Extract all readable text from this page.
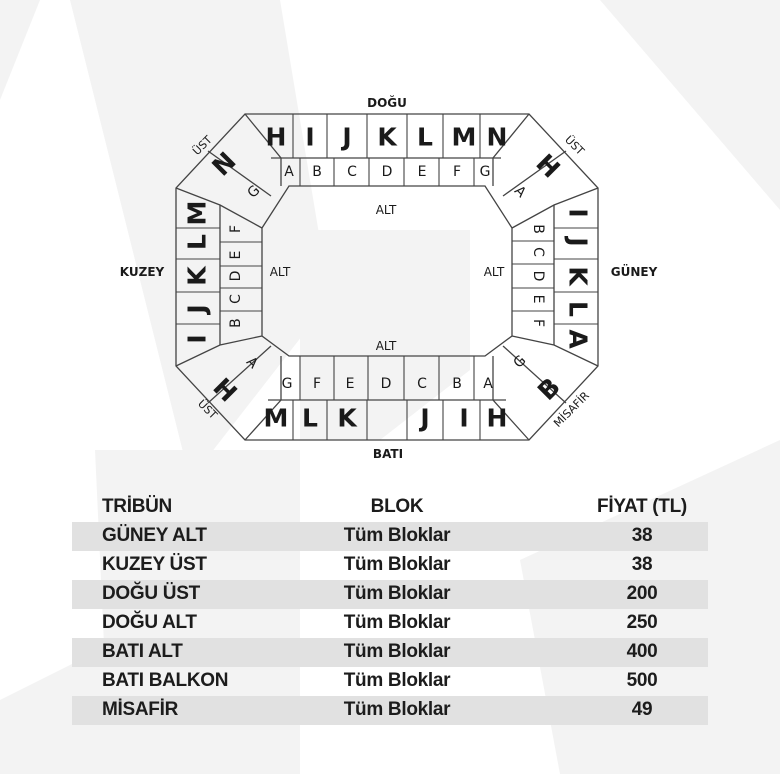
H I J K L M N
A B C D E F G
M L K	J I H
G F E D C B A
M
L
K
J
I
F
E
D
C
B
I
J
K
L
A
B
C
D
E
F
N
G
H
A
H
A
B
G
DOĞU
BATI
KUZEY	GÜNEY
ÜST	ÜST
ÜST	MİSAFİR
ALT
ALT
ALT	ALT
TRİBÜN	BLOK	FİYAT (TL)
GÜNEY ALT	Tüm Bloklar	38
KUZEY ÜST	Tüm Bloklar	38
DOĞU ÜST	Tüm Bloklar	200
DOĞU ALT	Tüm Bloklar	250
BATI ALT	Tüm Bloklar	400
BATI BALKON	Tüm Bloklar	500
MİSAFİR	Tüm Bloklar	49
